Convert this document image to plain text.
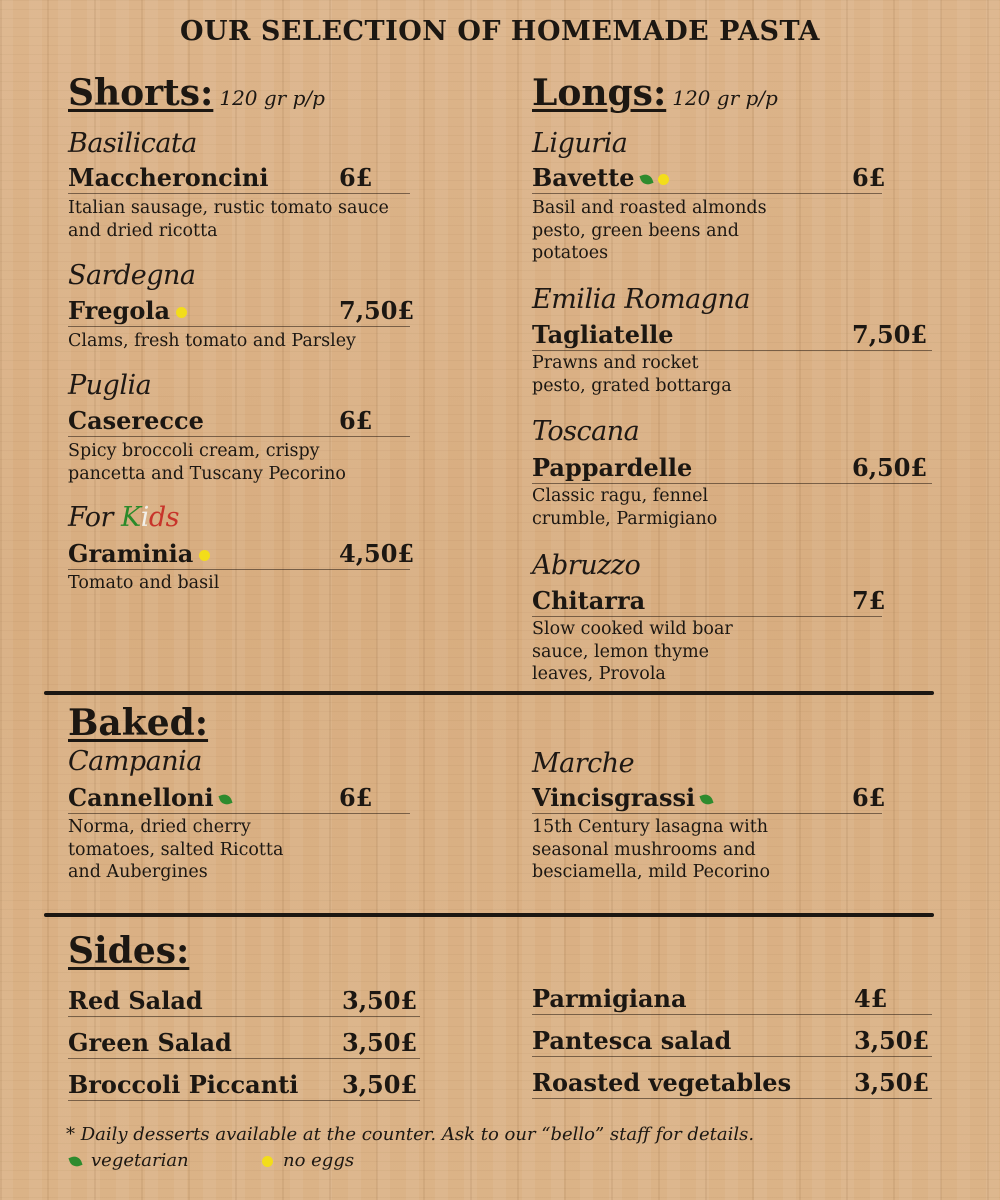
OUR SELECTION OF HOMEMADE PASTA
Shorts: 120 gr p/p	Longs: 120 gr p/p
Basilicata
Maccheroncini	6£
Italian sausage, rustic tomato sauce
and dried ricotta
Sardegna
Fregola	7,50£
Clams, fresh tomato and Parsley
Puglia
Caserecce	6£
Spicy broccoli cream, crispy
pancetta and Tuscany Pecorino
For Kids
Graminia	4,50£
Tomato and basil
Liguria
Bavette	6£
Basil and roasted almonds
pesto, green beens and
potatoes
Emilia Romagna
Tagliatelle	7,50£
Prawns and rocket
pesto, grated bottarga
Toscana
Pappardelle	6,50£
Classic ragu, fennel
crumble, Parmigiano
Abruzzo
Chitarra	7£
Slow cooked wild boar
sauce, lemon thyme
leaves, Provola
Baked:
Campania
Cannelloni	6£
Norma, dried cherry
tomatoes, salted Ricotta
and Aubergines
Marche
Vincisgrassi	6£
15th Century lasagna with
seasonal mushrooms and
besciamella, mild Pecorino
Sides:
Red Salad	3,50£
Green Salad	3,50£
Broccoli Piccanti 3,50£
Parmigiana	4£
Pantesca salad	3,50£
Roasted vegetables	3,50£
* Daily desserts available at the counter. Ask to our “bello” staff for details.
vegetarian	no eggs
